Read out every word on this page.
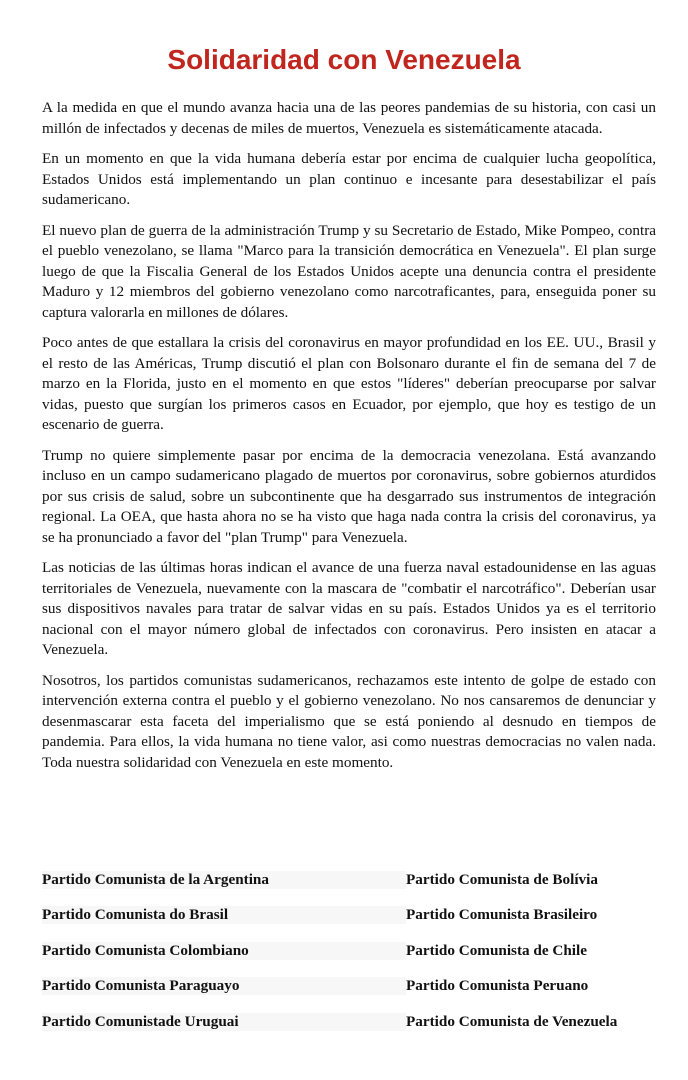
Solidaridad con Venezuela

A la medida en que el mundo avanza hacia una de las peores pandemias de su historia, con casi un millón de infectados y decenas de miles de muertos, Venezuela es sistemáticamente atacada.

En un momento en que la vida humana debería estar por encima de cualquier lucha geopolítica, Estados Unidos está implementando un plan continuo e incesante para desestabilizar el país sudamericano.

El nuevo plan de guerra de la administración Trump y su Secretario de Estado, Mike Pompeo, contra el pueblo venezolano, se llama "Marco para la transición democrática en Venezuela". El plan surge luego de que la Fiscalia General de los Estados Unidos acepte una denuncia contra el presidente Maduro y 12 miembros del gobierno venezolano como narcotraficantes, para, enseguida poner su captura valorarla en millones de dólares.

Poco antes de que estallara la crisis del coronavirus en mayor profundidad en los EE. UU., Brasil y el resto de las Américas, Trump discutió el plan con Bolsonaro durante el fin de semana del 7 de marzo en la Florida, justo en el momento en que estos "líderes" deberían preocuparse por salvar vidas, puesto que surgían los primeros casos en Ecuador, por ejemplo, que hoy es testigo de un escenario de guerra.

Trump no quiere simplemente pasar por encima de la democracia venezolana. Está avanzando incluso en un campo sudamericano plagado de muertos por coronavirus, sobre gobiernos aturdidos por sus crisis de salud, sobre un subcontinente que ha desgarrado sus instrumentos de integración regional. La OEA, que hasta ahora no se ha visto que haga nada contra la crisis del coronavirus, ya se ha pronunciado a favor del "plan Trump" para Venezuela.

Las noticias de las últimas horas indican el avance de una fuerza naval estadounidense en las aguas territoriales de Venezuela, nuevamente con la mascara de "combatir el narcotráfico". Deberían usar sus dispositivos navales para tratar de salvar vidas en su país. Estados Unidos ya es el territorio nacional con el mayor número global de infectados con coronavirus. Pero insisten en atacar a Venezuela.

Nosotros, los partidos comunistas sudamericanos, rechazamos este intento de golpe de estado con intervención externa contra el pueblo y el gobierno venezolano. No nos cansaremos de denunciar y desenmascarar esta faceta del imperialismo que se está poniendo al desnudo en tiempos de pandemia. Para ellos, la vida humana no tiene valor, asi como nuestras democracias no valen nada. Toda nuestra solidaridad con Venezuela en este momento.

Partido Comunista de la Argentina	Partido Comunista de Bolívia
Partido Comunista do Brasil	Partido Comunista Brasileiro
Partido Comunista Colombiano	Partido Comunista de Chile
Partido Comunista Paraguayo	Partido Comunista Peruano
Partido Comunistade Uruguai	Partido Comunista de Venezuela
